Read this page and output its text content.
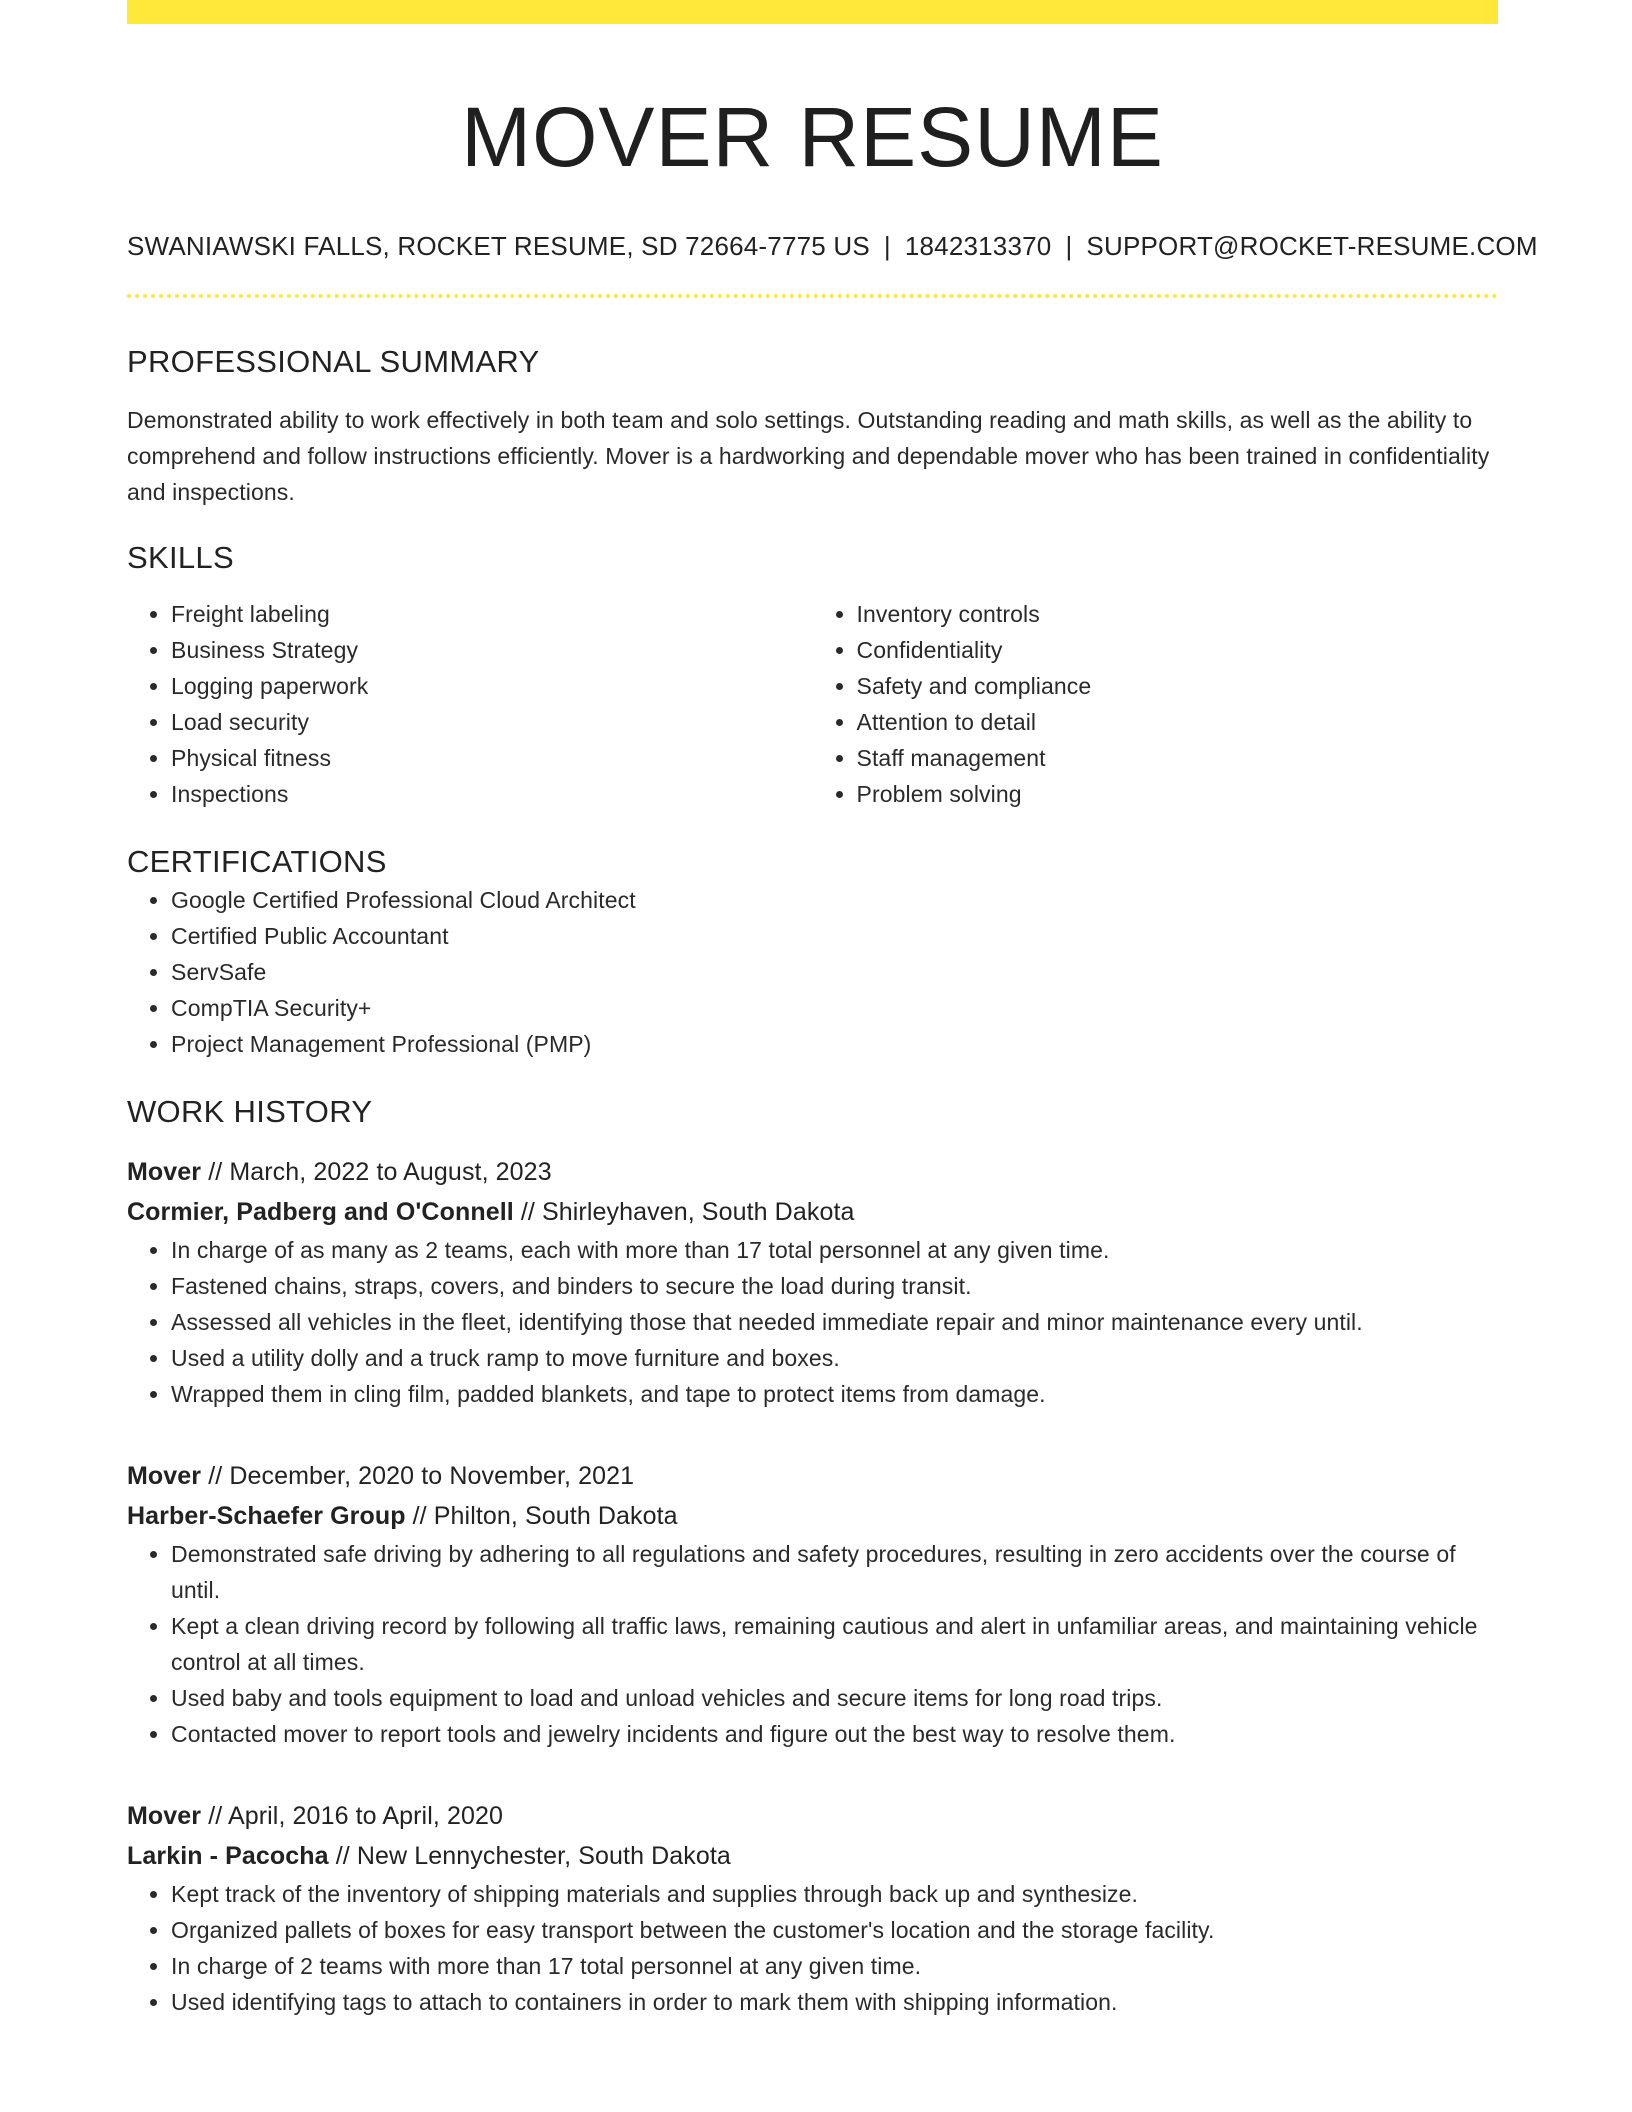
MOVER RESUME
SWANIAWSKI FALLS, ROCKET RESUME, SD 72664-7775 US | 1842313370 | SUPPORT@ROCKET-RESUME.COM
PROFESSIONAL SUMMARY

Demonstrated ability to work effectively in both team and solo settings. Outstanding reading and math skills, as well as the ability to comprehend and follow instructions efficiently. Mover is a hardworking and dependable mover who has been trained in confidentiality and inspections.

SKILLS
• Freight labeling
• Business Strategy
• Logging paperwork
• Load security
• Physical fitness
• Inspections
• Inventory controls
• Confidentiality
• Safety and compliance
• Attention to detail
• Staff management
• Problem solving
CERTIFICATIONS
• Google Certified Professional Cloud Architect
• Certified Public Accountant
• ServSafe
• CompTIA Security+
• Project Management Professional (PMP)
WORK HISTORY
Mover // March, 2022 to August, 2023
Cormier, Padberg and O'Connell // Shirleyhaven, South Dakota
• In charge of as many as 2 teams, each with more than 17 total personnel at any given time.
• Fastened chains, straps, covers, and binders to secure the load during transit.
• Assessed all vehicles in the fleet, identifying those that needed immediate repair and minor maintenance every until.
• Used a utility dolly and a truck ramp to move furniture and boxes.
• Wrapped them in cling film, padded blankets, and tape to protect items from damage.
Mover // December, 2020 to November, 2021
Harber-Schaefer Group // Philton, South Dakota
• Demonstrated safe driving by adhering to all regulations and safety procedures, resulting in zero accidents over the course of until.
• Kept a clean driving record by following all traffic laws, remaining cautious and alert in unfamiliar areas, and maintaining vehicle control at all times.
• Used baby and tools equipment to load and unload vehicles and secure items for long road trips.
• Contacted mover to report tools and jewelry incidents and figure out the best way to resolve them.
Mover // April, 2016 to April, 2020
Larkin - Pacocha // New Lennychester, South Dakota
• Kept track of the inventory of shipping materials and supplies through back up and synthesize.
• Organized pallets of boxes for easy transport between the customer's location and the storage facility.
• In charge of 2 teams with more than 17 total personnel at any given time.
• Used identifying tags to attach to containers in order to mark them with shipping information.
